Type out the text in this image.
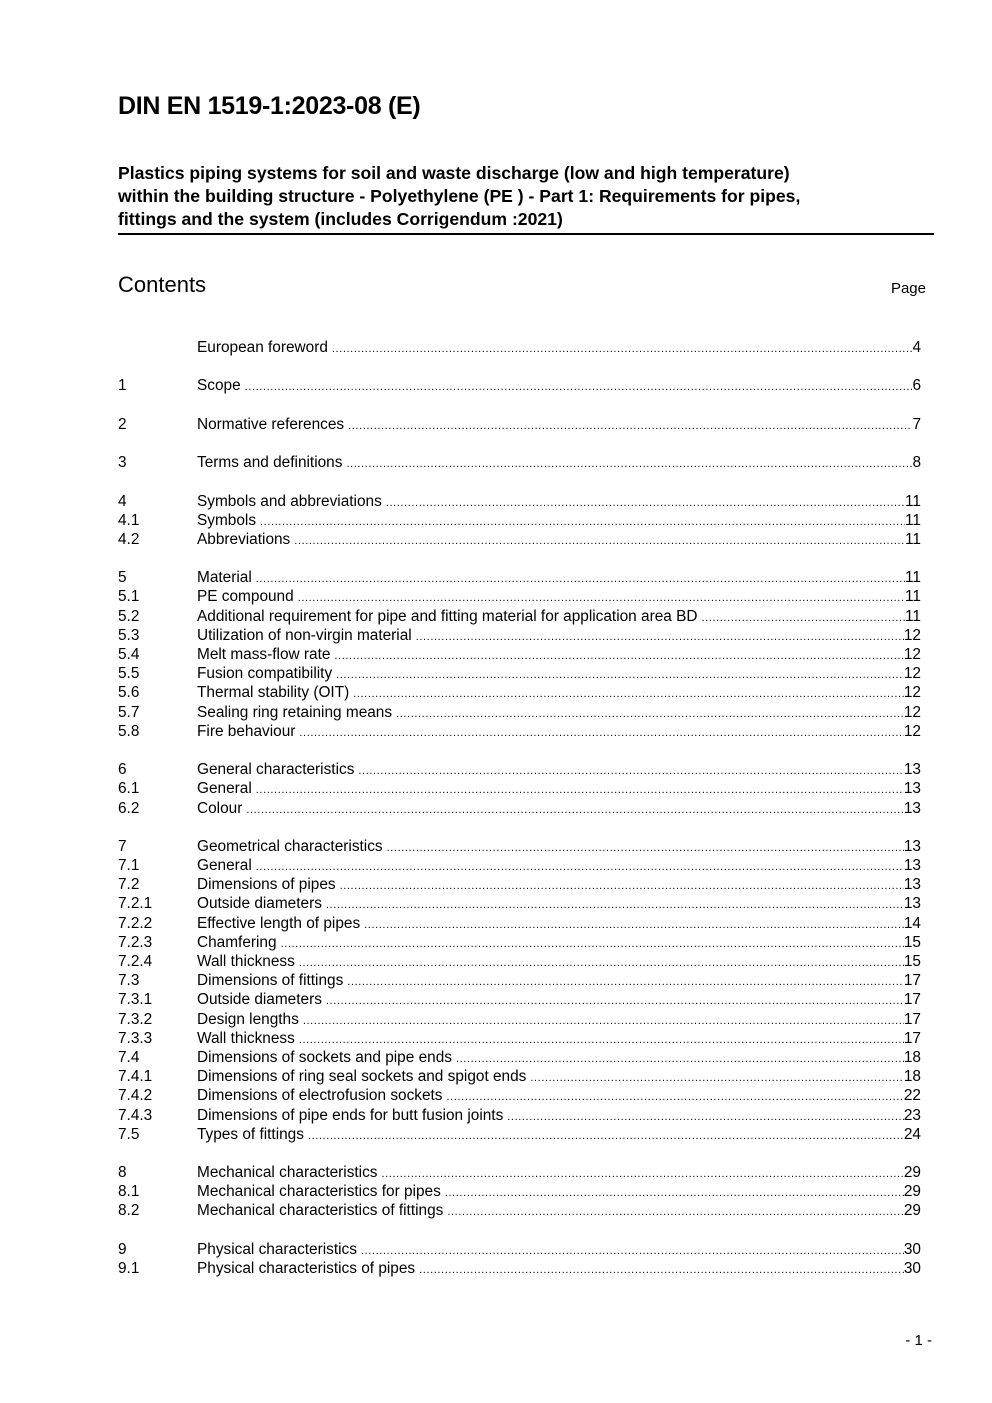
DIN EN 1519-1:2023-08 (E)
Plastics piping systems for soil and waste discharge (low and high temperature)
within the building structure - Polyethylene (PE ) - Part 1: Requirements for pipes,
fittings and the system (includes Corrigendum :2021)
Contents	Page
European foreword .....	4
1	Scope .....	6
2	Normative references .....	7
3	Terms and definitions .....	8
4	Symbols and abbreviations .....	11
4.1	Symbols .....	11
4.2	Abbreviations .....	11
5	Material .....	11
5.1	PE compound .....	11
5.2	Additional requirement for pipe and fitting material for application area BD .....	11
5.3	Utilization of non-virgin material .....	12
5.4	Melt mass-flow rate .....	12
5.5	Fusion compatibility .....	12
5.6	Thermal stability (OIT) .....	12
5.7	Sealing ring retaining means .....	12
5.8	Fire behaviour .....	12
6	General characteristics .....	13
6.1	General .....	13
6.2	Colour .....	13
7	Geometrical characteristics .....	13
7.1	General .....	13
7.2	Dimensions of pipes .....	13
7.2.1	Outside diameters .....	13
7.2.2	Effective length of pipes .....	14
7.2.3	Chamfering .....	15
7.2.4	Wall thickness .....	15
7.3	Dimensions of fittings .....	17
7.3.1	Outside diameters .....	17
7.3.2	Design lengths .....	17
7.3.3	Wall thickness .....	17
7.4	Dimensions of sockets and pipe ends .....	18
7.4.1	Dimensions of ring seal sockets and spigot ends .....	18
7.4.2	Dimensions of electrofusion sockets .....	22
7.4.3	Dimensions of pipe ends for butt fusion joints .....	23
7.5	Types of fittings .....	24
8	Mechanical characteristics .....	29
8.1	Mechanical characteristics for pipes .....	29
8.2	Mechanical characteristics of fittings .....	29
9	Physical characteristics .....	30
9.1	Physical characteristics of pipes .....	30
- 1 -
